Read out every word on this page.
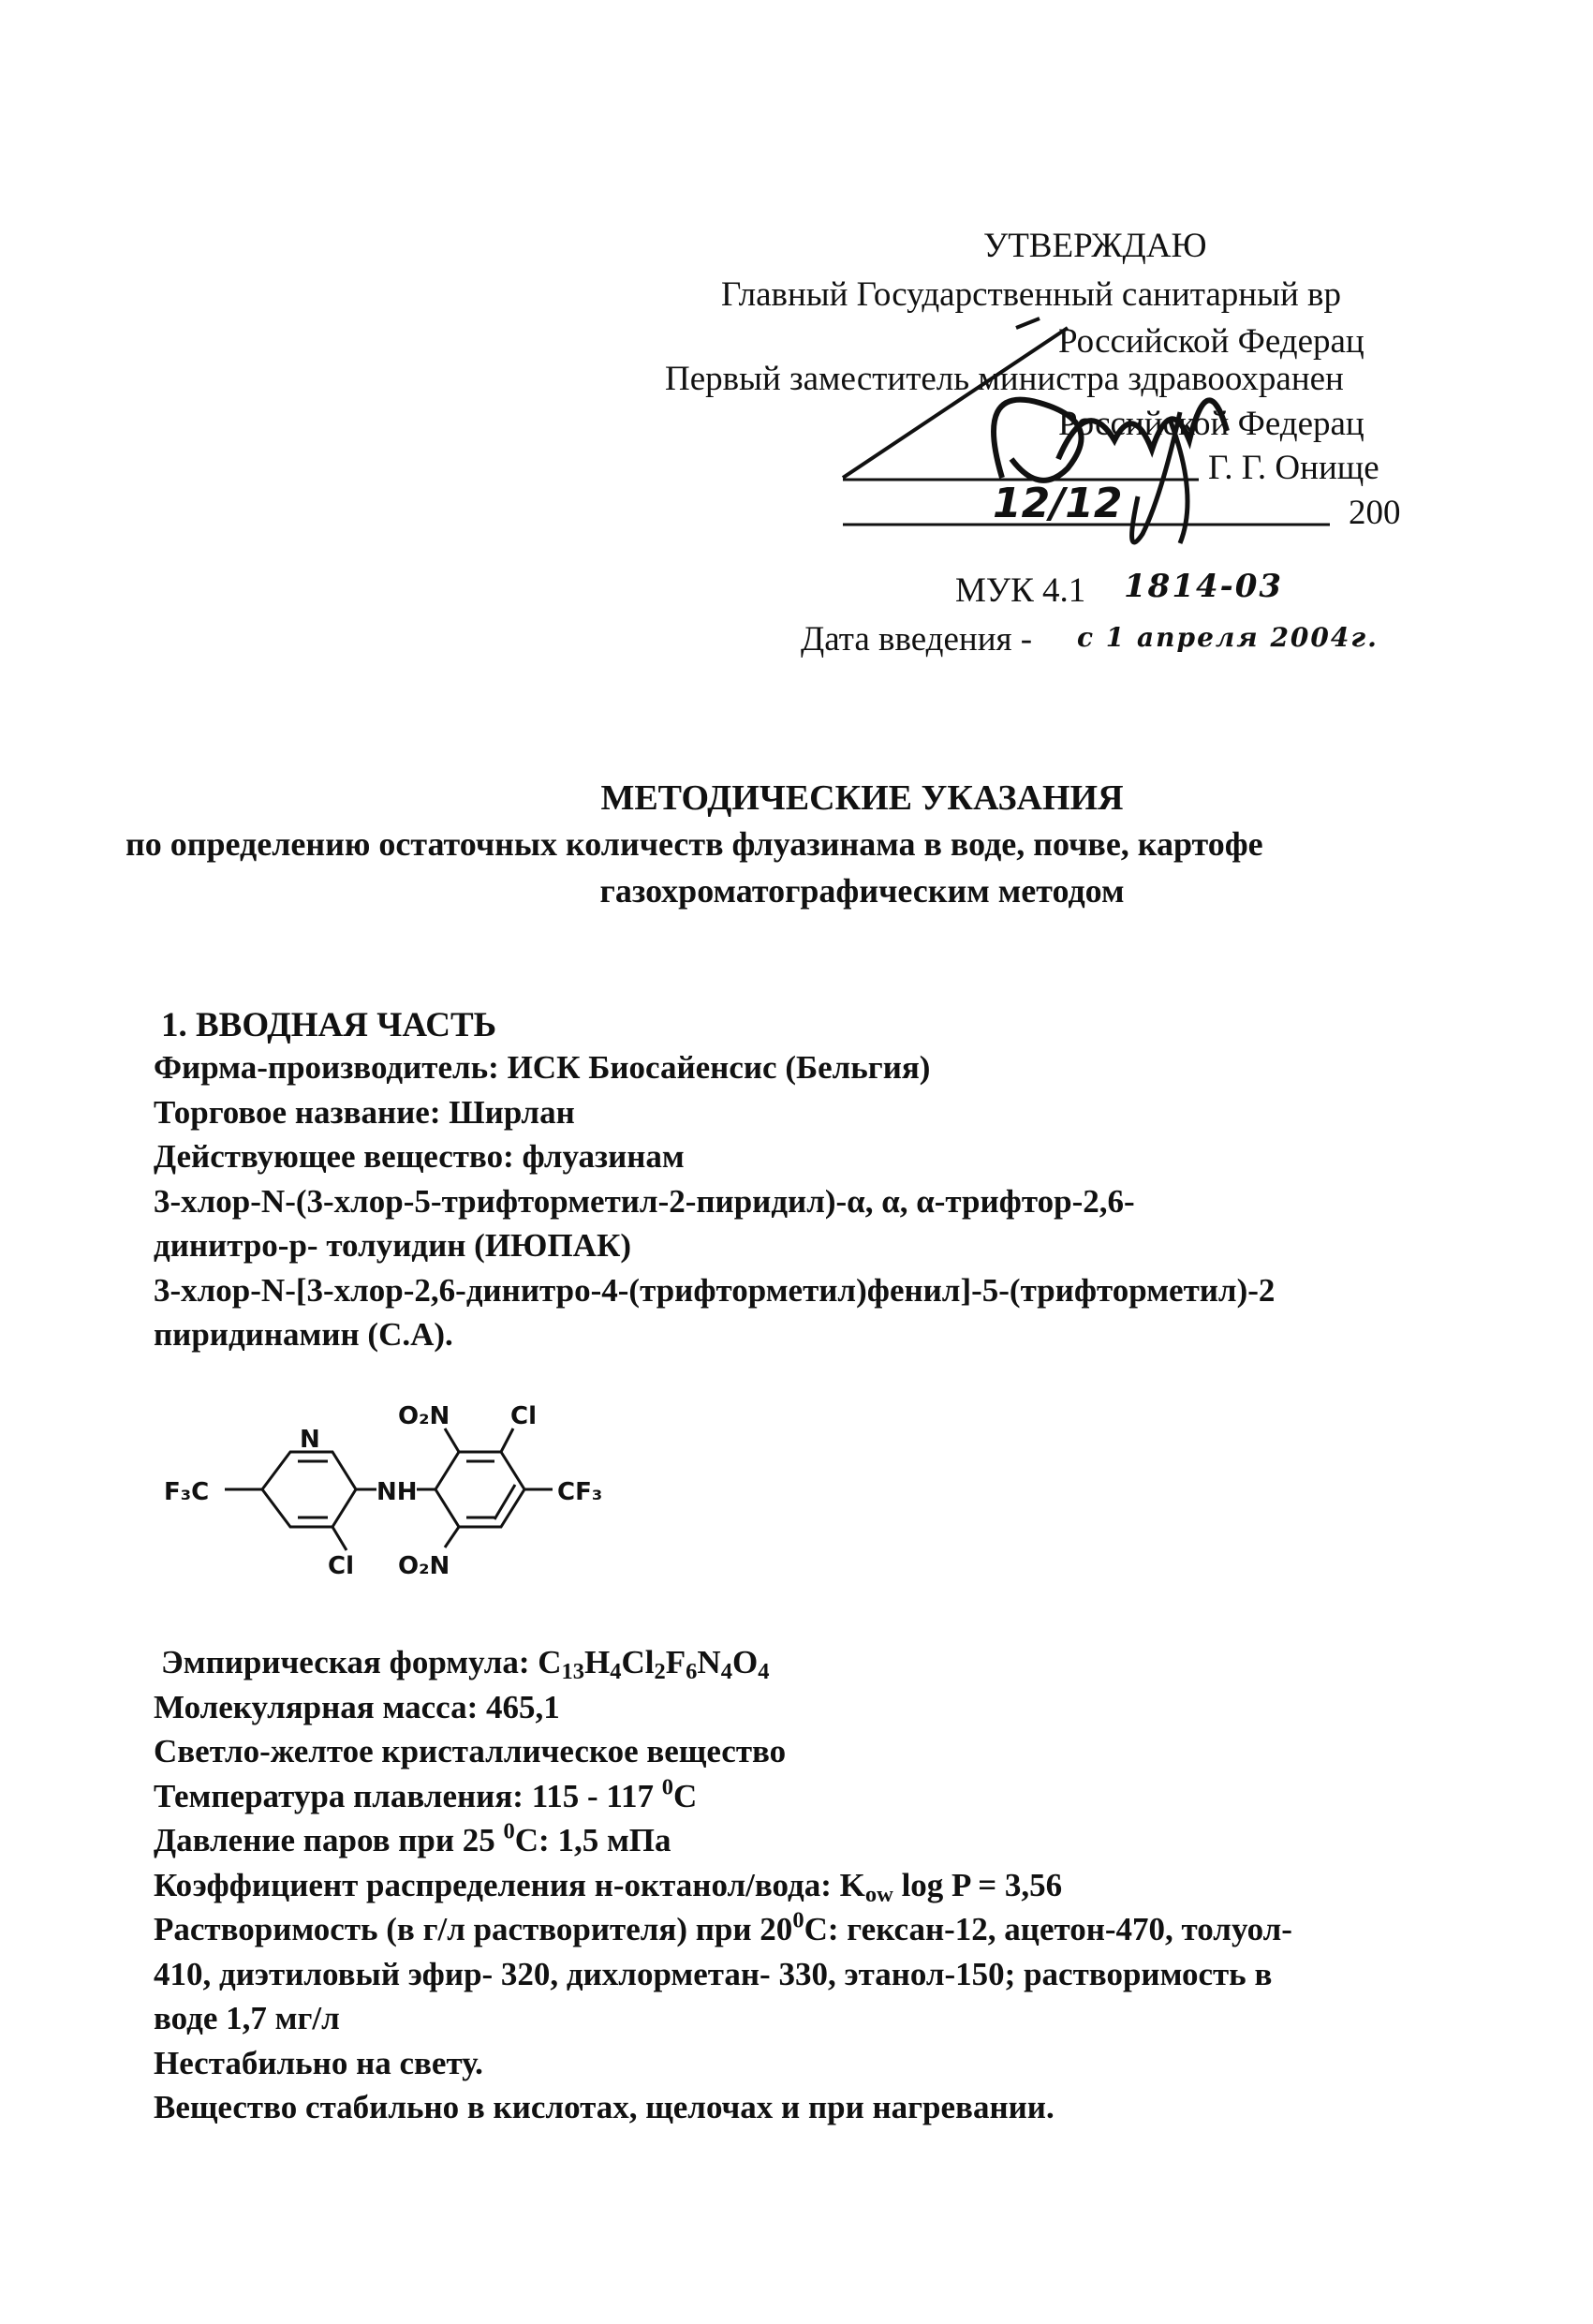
УТВЕРЖДАЮ
Главный Государственный санитарный вр
Российской Федерац
Первый заместитель министра здравоохранен
Российской Федерац
Г. Г. Онище
200
12/12
МУК 4.1 1814-03
Дата введения - с 1 апреля 2004г.
МЕТОДИЧЕСКИЕ УКАЗАНИЯ
по определению остаточных количеств флуазинама в воде, почве, картофе
газохроматографическим методом
1. ВВОДНАЯ ЧАСТЬ
Фирма-производитель: ИСК Биосайенсис (Бельгия)
Торговое название: Ширлан
Действующее вещество: флуазинам
3-хлор-N-(3-хлор-5-трифторметил-2-пиридил)-α, α, α-трифтор-2,6-
динитро-р- толуидин (ИЮПАК)
3-хлор-N-[3-хлор-2,6-динитро-4-(трифторметил)фенил]-5-(трифторметил)-2
пиридинамин (С.А).
F₃C
N
NH
O₂N Cl
CF₃
Cl O₂N
Эмпирическая формула: $C_{13}H_4Cl_2F_6N_4O_4$
Молекулярная масса: 465,1
Светло-желтое кристаллическое вещество
Температура плавления: 115 - 117 $^0$C
Давление паров при 25 $^0$C: 1,5 мПа
Коэффициент распределения н-октанол/вода: $K_{ow}$ log P = 3,56
Растворимость (в г/л растворителя) при $20^0C$: гексан-12, ацетон-470, толуол-
410, диэтиловый эфир- 320, дихлорметан- 330, этанол-150; растворимость в
воде 1,7 мг/л
Нестабильно на свету.
Вещество стабильно в кислотах, щелочах и при нагревании.
